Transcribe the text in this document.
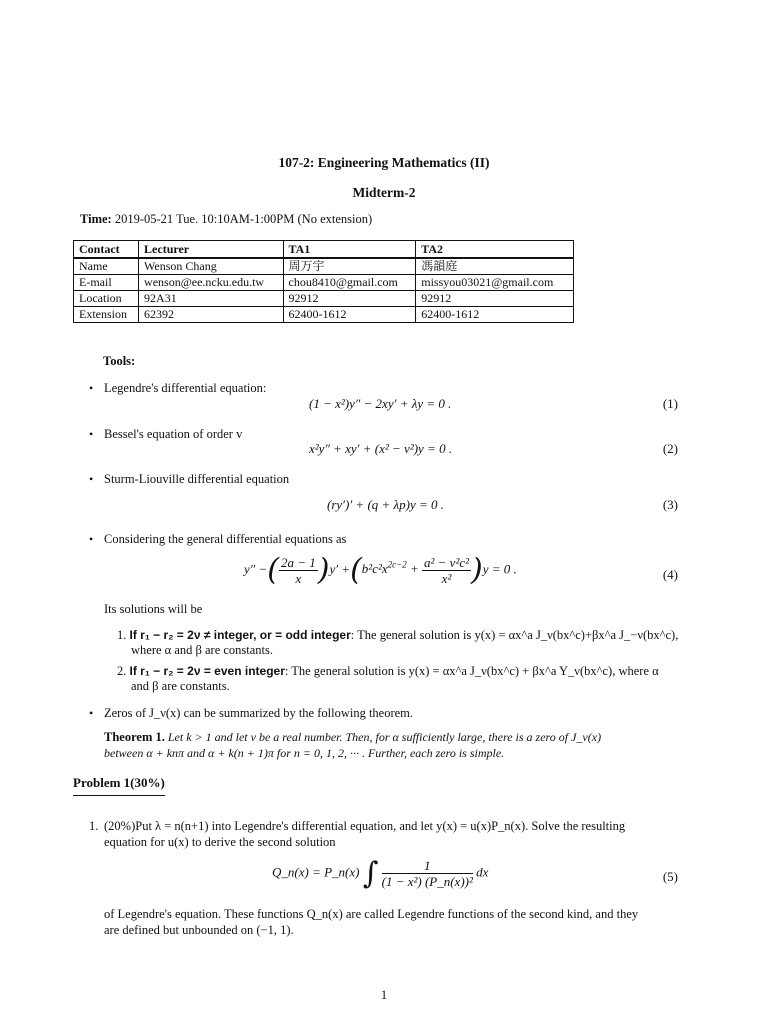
107-2: Engineering Mathematics (II)
Midterm-2
Time: 2019-05-21 Tue. 10:10AM-1:00PM (No extension)
Contact	Lecturer	TA1	TA2
Name	Wenson Chang	周万宇	馮韻庭
E-mail	wenson@ee.ncku.edu.tw	chou8410@gmail.com	missyou03021@gmail.com
Location	92A31	92912	92912
Extension	62392	62400-1612	62400-1612
Tools:
• Legendre's differential equation:
(1 − x²)y″ − 2xy′ + λy = 0 .	(1)
• Bessel's equation of order v
x²y″ + xy′ + (x² − ν²)y = 0 .	(2)
• Sturm-Liouville differential equation
(ry′)′ + (q + λp)y = 0 .	(3)
• Considering the general differential equations as
y″ −( $\frac{2a - 1}{x} )y' +(b^2c^2x^{2c-2} + \frac{\text{a² − ν²c²}}{\text{x²}} )y = 0$ .	(4)
Its solutions will be
1. If r₁ − r₂ = 2ν ≠ integer, or = odd integer: The general solution is y(x) = αx^a J_ν(bx^c)+βx^a J_−ν(bx^c),
where α and β are constants.
2. If r₁ − r₂ = 2ν = even integer: The general solution is y(x) = αx^a J_ν(bx^c) + βx^a Y_ν(bx^c), where α
and β are constants.
• Zeros of J_ν(x) can be summarized by the following theorem.
Theorem 1. Let k > 1 and let ν be a real number. Then, for α sufficiently large, there is a zero of J_ν(x)
between α + knπ and α + k(n + 1)π for n = 0, 1, 2, ··· . Further, each zero is simple.
Problem 1(30%)
1. (20%)Put λ = n(n+1) into Legendre's differential equation, and let y(x) = u(x)P_n(x). Solve the resulting
equation for u(x) to derive the second solution
Q_n(x) = P_n(x) ∫ $\frac{1}{\text{(1 − x²) (P\_n(x))²}}$ dx	(5)
of Legendre's equation. These functions Q_n(x) are called Legendre functions of the second kind, and they
are defined but unbounded on (−1, 1).
1
